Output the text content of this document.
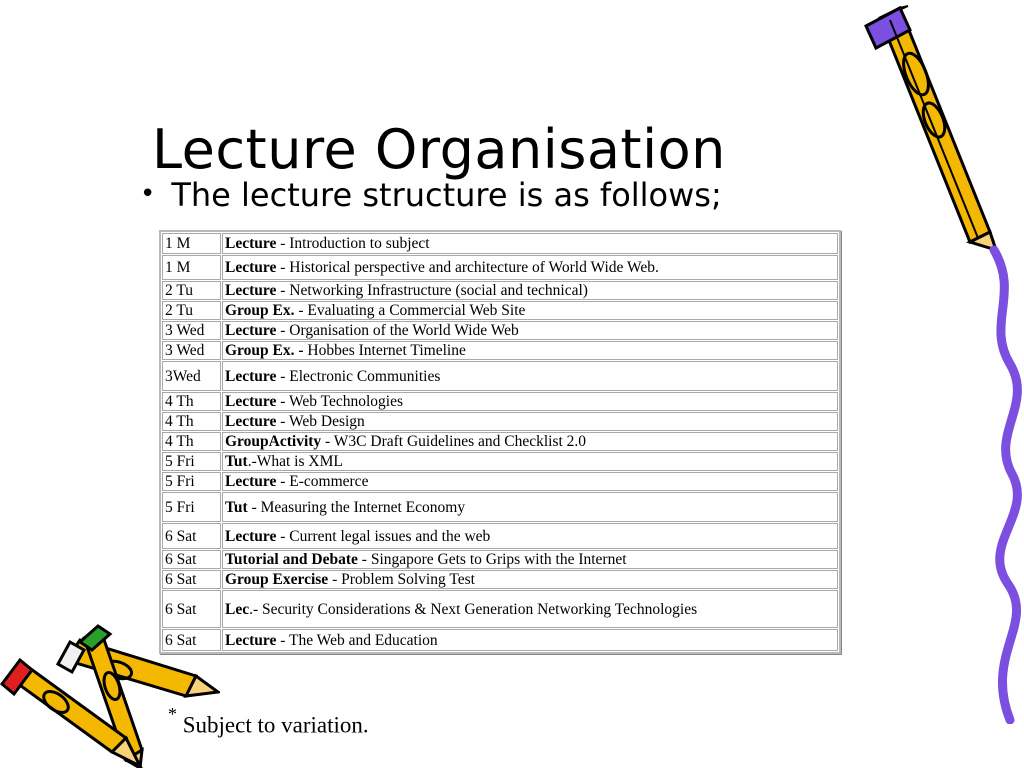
Lecture Organisation
• The lecture structure is as follows;
1 M	Lecture - Introduction to subject
1 M	Lecture - Historical perspective and architecture of World Wide Web.
2 Tu	Lecture - Networking Infrastructure (social and technical)
2 Tu	Group Ex. - Evaluating a Commercial Web Site
3 Wed	Lecture - Organisation of the World Wide Web
3 Wed	Group Ex. - Hobbes Internet Timeline
3Wed	Lecture - Electronic Communities
4 Th	Lecture - Web Technologies
4 Th	Lecture - Web Design
4 Th	GroupActivity - W3C Draft Guidelines and Checklist 2.0
5 Fri	Tut.-What is XML
5 Fri	Lecture - E-commerce
5 Fri	Tut - Measuring the Internet Economy
6 Sat	Lecture - Current legal issues and the web
6 Sat	Tutorial and Debate - Singapore Gets to Grips with the Internet
6 Sat	Group Exercise - Problem Solving Test
6 Sat	Lec.- Security Considerations & Next Generation Networking Technologies
6 Sat	Lecture - The Web and Education
* Subject to variation.
